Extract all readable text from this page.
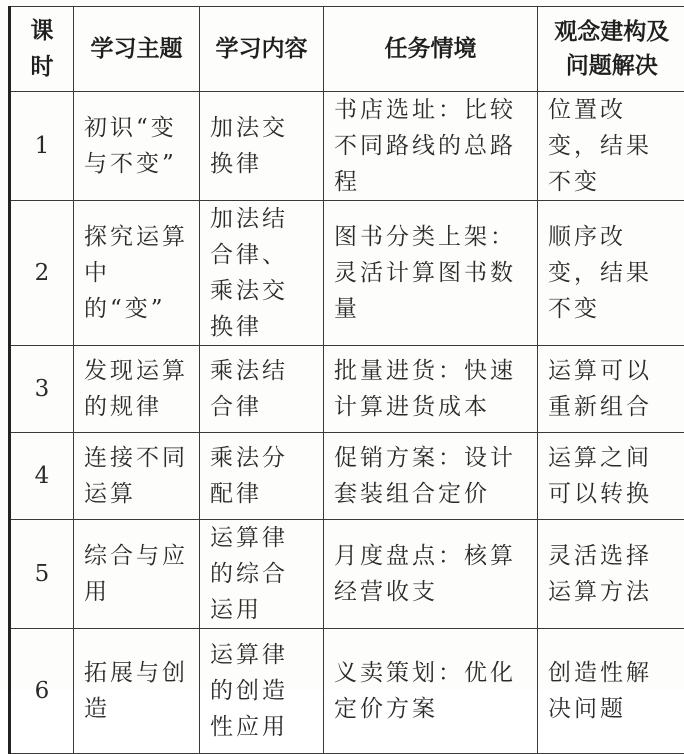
课时	学习主题	学习内容	任务情境	观念建构及问题解决
1	初识“变与不变”	加法交换律	书店选址：比较不同路线的总路程	位置改变，结果不变
2	探究运算中的“变”	加法结合律、乘法交换律	图书分类上架：灵活计算图书数量	顺序改变，结果不变
3	发现运算的规律	乘法结合律	批量进货：快速计算进货成本	运算可以重新组合
4	连接不同运算	乘法分配律	促销方案：设计套装组合定价	运算之间可以转换
5	综合与应用	运算律的综合运用	月度盘点：核算经营收支	灵活选择运算方法
6	拓展与创造	运算律的创造性应用	义卖策划：优化定价方案	创造性解决问题
